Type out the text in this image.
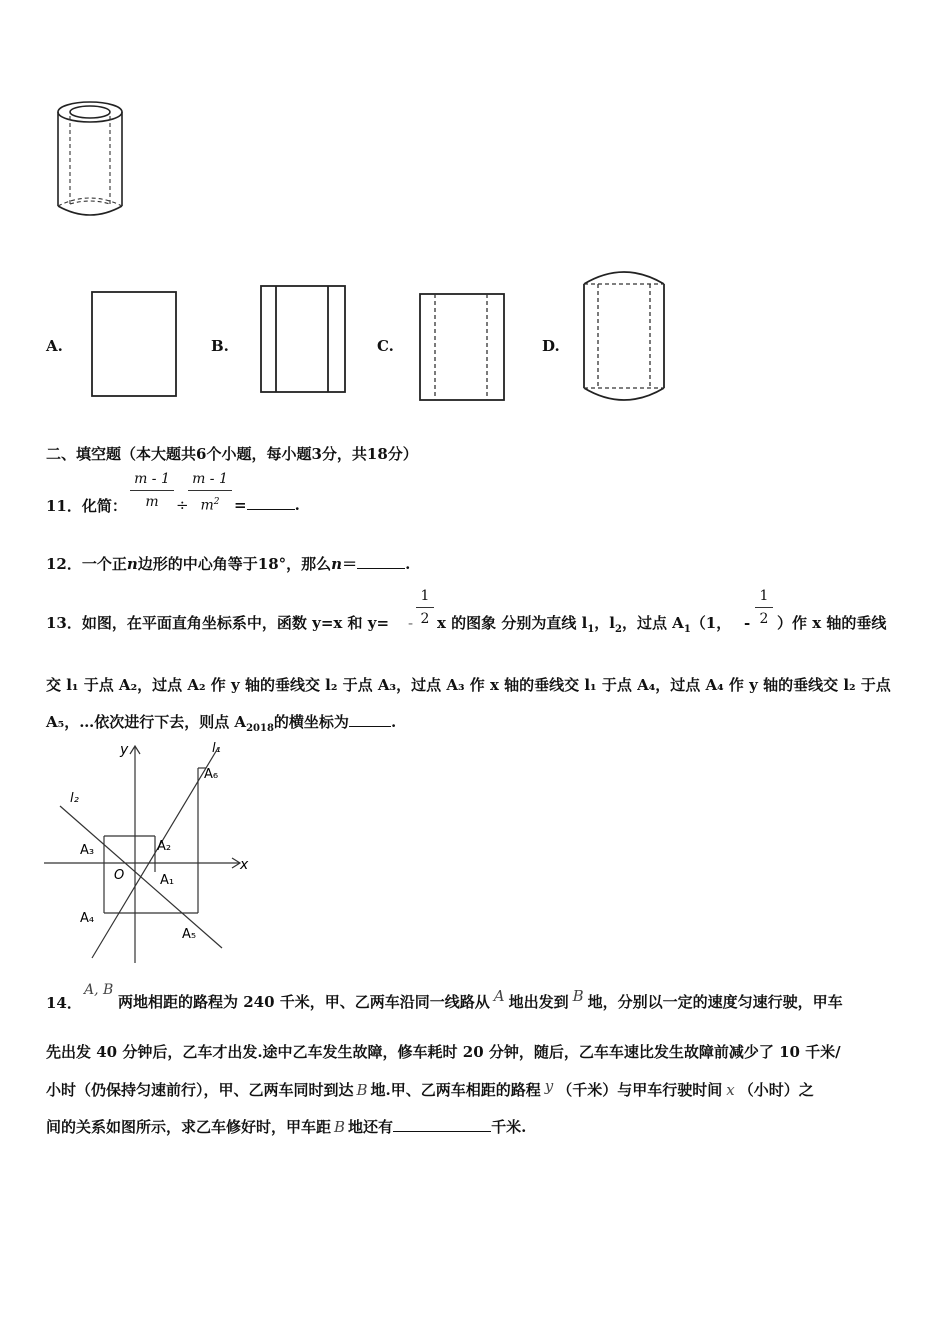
A.	B.	C.	D.
二、填空题（本大题共6个小题，每小题3分，共18分）
11．化简：
m - 1
m	÷
m - 1
$m^2$ =	.
12．一个正n边形的中心角等于18°，那么n＝	.
13．如图，在平面直角坐标系中，函数 y=x 和 y= -
1
2 x 的图象 分别为直线 $l_1$，$l_2$，过点 $A_1(1$， -
1
2 ）作 x 轴的垂线
交 l₁ 于点 A₂，过点 A₂ 作 y 轴的垂线交 l₂ 于点 A₃，过点 A₃ 作 x 轴的垂线交 l₁ 于点 A₄，过点 A₄ 作 y 轴的垂线交 l₂ 于点
A₅，…依次进行下去，则点 $A_{2018}$的横坐标为	.
y
x
l₁
l₂
O	A₁
A₂
A₃
A₄
A₅
A₆
14．
A, B
两地相距的路程为 240 千米，甲、乙两车沿同一线路从 A 地出发到 B 地，分别以一定的速度匀速行驶，甲车
先出发 40 分钟后，乙车才出发.途中乙车发生故障，修车耗时 20 分钟，随后，乙车车速比发生故障前减少了 10 千米/
小时（仍保持匀速前行），甲、乙两车同时到达 B 地.甲、乙两车相距的路程 y （千米）与甲车行驶时间 x （小时）之
间的关系如图所示，求乙车修好时，甲车距 B 地还有	千米.
